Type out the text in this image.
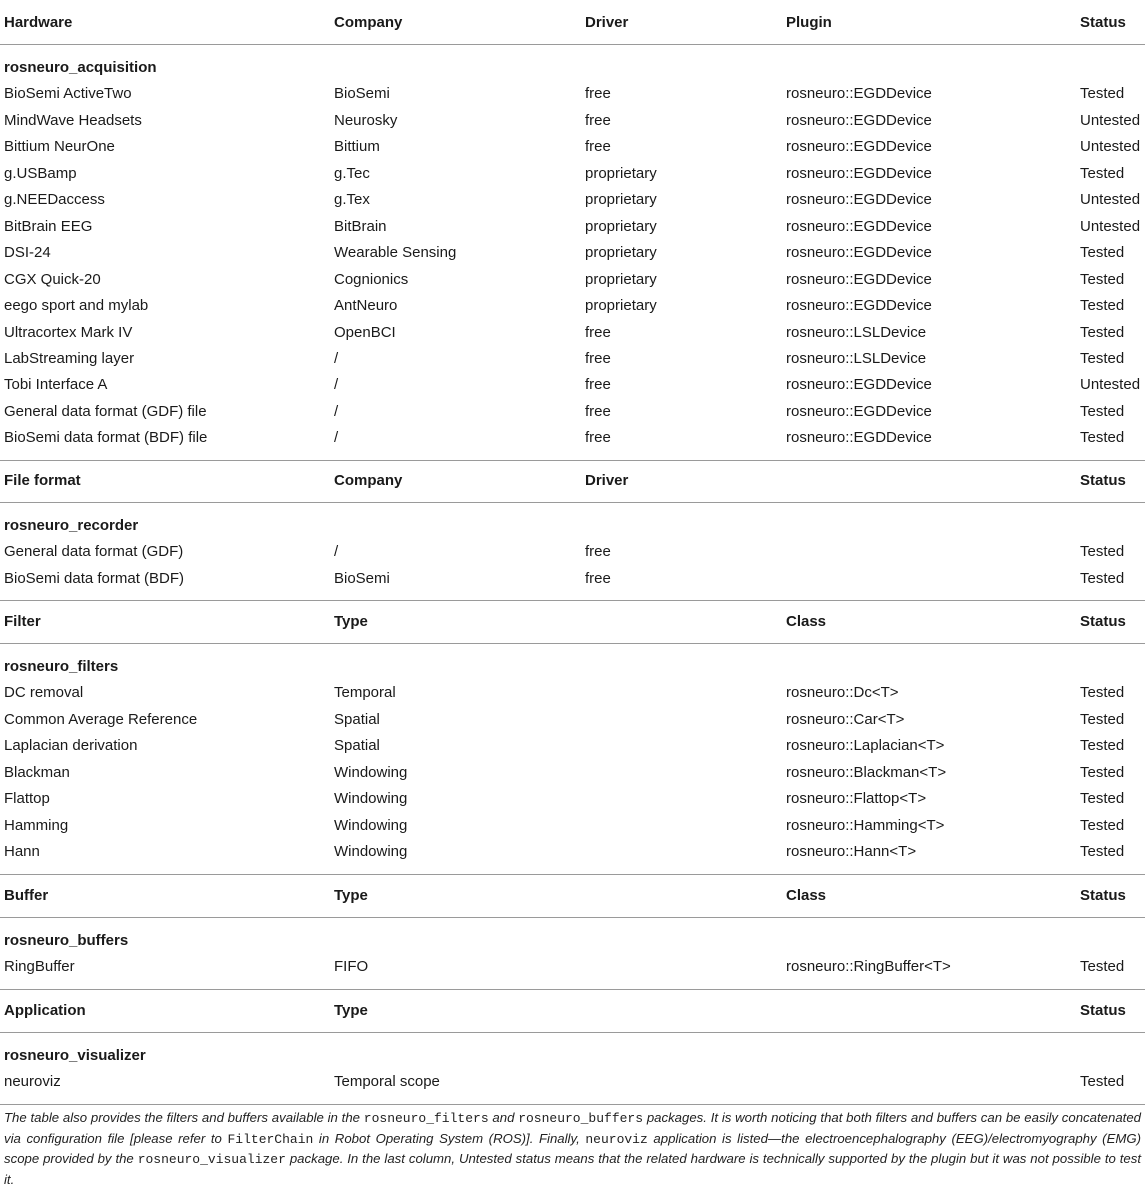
Hardware	Company	Driver	Plugin	Status
rosneuro_acquisition
BioSemi ActiveTwo	BioSemi	free	rosneuro::EGDDevice	Tested
MindWave Headsets	Neurosky	free	rosneuro::EGDDevice	Untested
Bittium NeurOne	Bittium	free	rosneuro::EGDDevice	Untested
g.USBamp	g.Tec	proprietary	rosneuro::EGDDevice	Tested
g.NEEDaccess	g.Tex	proprietary	rosneuro::EGDDevice	Untested
BitBrain EEG	BitBrain	proprietary	rosneuro::EGDDevice	Untested
DSI-24	Wearable Sensing	proprietary	rosneuro::EGDDevice	Tested
CGX Quick-20	Cognionics	proprietary	rosneuro::EGDDevice	Tested
eego sport and mylab	AntNeuro	proprietary	rosneuro::EGDDevice	Tested
Ultracortex Mark IV	OpenBCI	free	rosneuro::LSLDevice	Tested
LabStreaming layer	/	free	rosneuro::LSLDevice	Tested
Tobi Interface A	/	free	rosneuro::EGDDevice	Untested
General data format (GDF) file	/	free	rosneuro::EGDDevice	Tested
BioSemi data format (BDF) file	/	free	rosneuro::EGDDevice	Tested
File format	Company	Driver	Status
rosneuro_recorder
General data format (GDF)	/	free	Tested
BioSemi data format (BDF)	BioSemi	free	Tested
Filter	Type	Class	Status
rosneuro_filters
DC removal	Temporal	rosneuro::Dc<T>	Tested
Common Average Reference	Spatial	rosneuro::Car<T>	Tested
Laplacian derivation	Spatial	rosneuro::Laplacian<T>	Tested
Blackman	Windowing	rosneuro::Blackman<T>	Tested
Flattop	Windowing	rosneuro::Flattop<T>	Tested
Hamming	Windowing	rosneuro::Hamming<T>	Tested
Hann	Windowing	rosneuro::Hann<T>	Tested
Buffer	Type	Class	Status
rosneuro_buffers
RingBuffer	FIFO	rosneuro::RingBuffer<T>	Tested
Application	Type	Status
rosneuro_visualizer
neuroviz	Temporal scope	Tested
The table also provides the filters and buffers available in the rosneuro_filters and rosneuro_buffers packages. It is worth noticing that both filters and buffers can be easily concatenated via configuration file [please refer to FilterChain in Robot Operating System (ROS)]. Finally, neuroviz application is listed—the electroencephalography (EEG)/electromyography (EMG) scope provided by the rosneuro_visualizer package. In the last column, Untested status means that the related hardware is technically supported by the plugin but it was not possible to test it.
